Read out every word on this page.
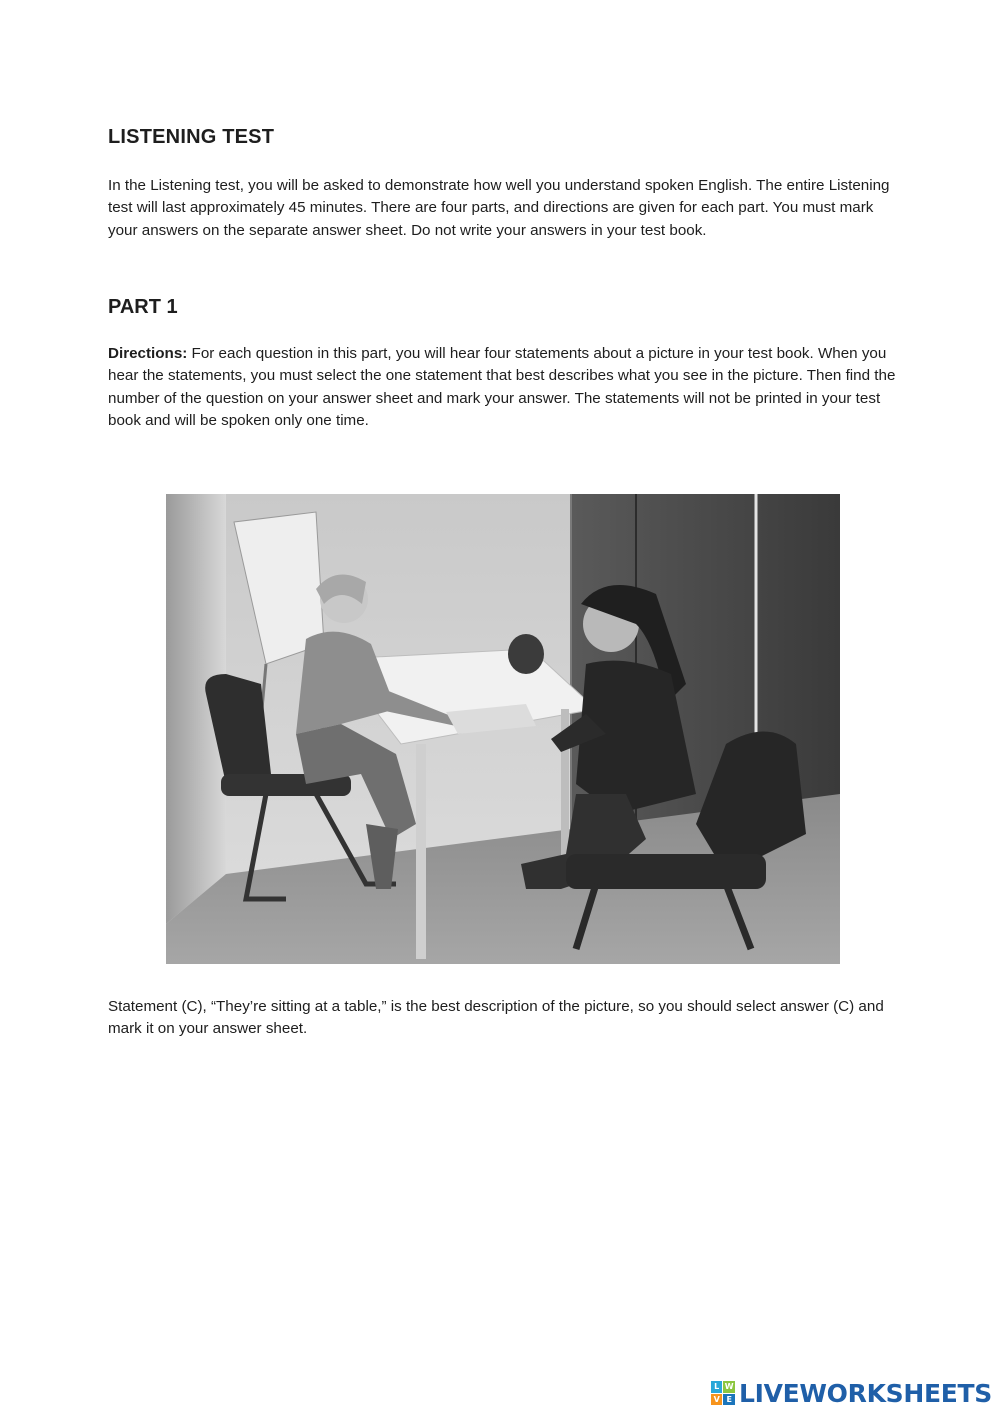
LISTENING TEST

In the Listening test, you will be asked to demonstrate how well you understand spoken English. The entire Listening test will last approximately 45 minutes. There are four parts, and directions are given for each part. You must mark your answers on the separate answer sheet. Do not write your answers in your test book.

PART 1

Directions: For each question in this part, you will hear four statements about a picture in your test book. When you hear the statements, you must select the one statement that best describes what you see in the picture. Then find the number of the question on your answer sheet and mark your answer. The statements will not be printed in your test book and will be spoken only one time.

Statement (C), “They’re sitting at a table,” is the best description of the picture, so you should select answer (C) and mark it on your answer sheet.

L W
V E LIVEWORKSHEETS
